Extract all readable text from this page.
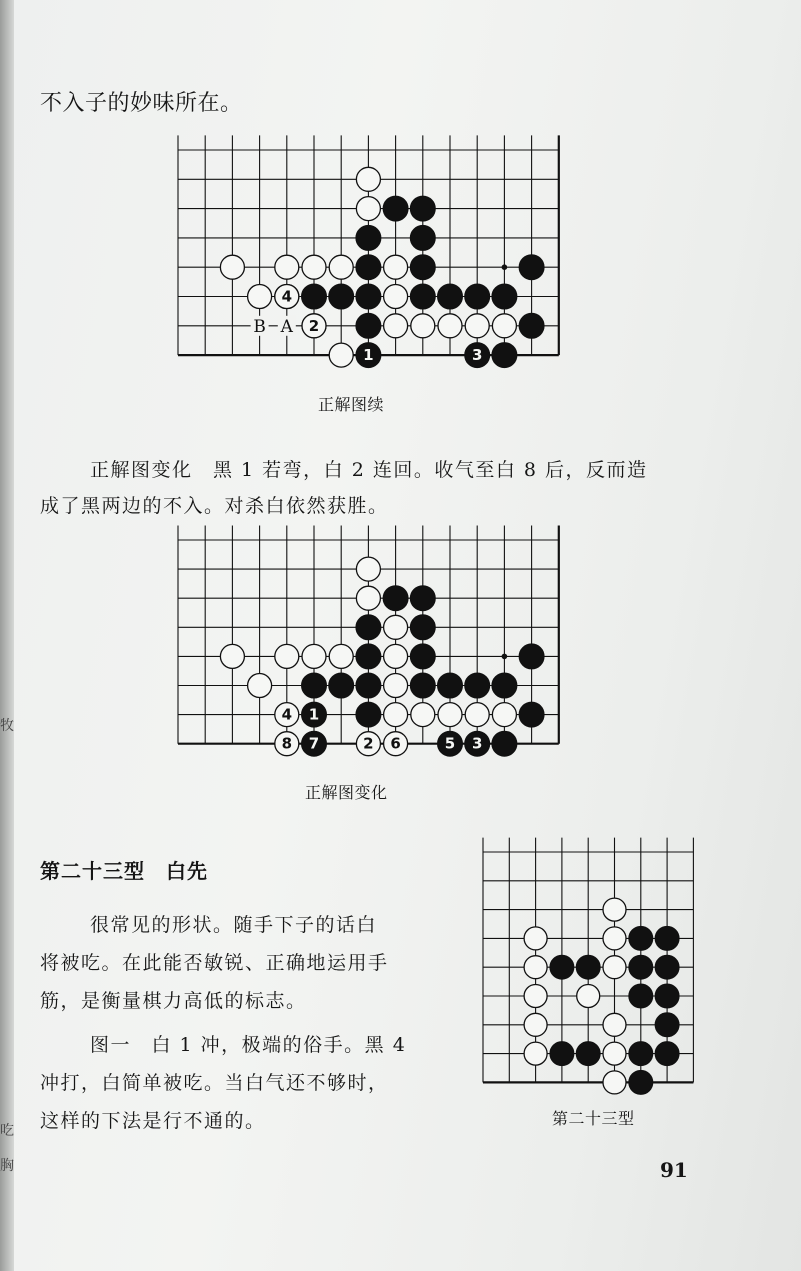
不入子的妙味所在。
4
2
1	3
B A
正解图续
正解图变化　黑 1 若弯，白 2 连回。收气至白 8 后，反而造
成了黑两边的不入。对杀白依然获胜。
4 1
8 7	2 6	5 3
正解图变化
第二十三型　白先
很常见的形状。随手下子的话白
将被吃。在此能否敏锐、正确地运用手
筋，是衡量棋力高低的标志。
图一　白 1 冲，极端的俗手。黑 4
冲打，白简单被吃。当白气还不够时，
这样的下法是行不通的。	第二十三型
91
牧
吃
胸
